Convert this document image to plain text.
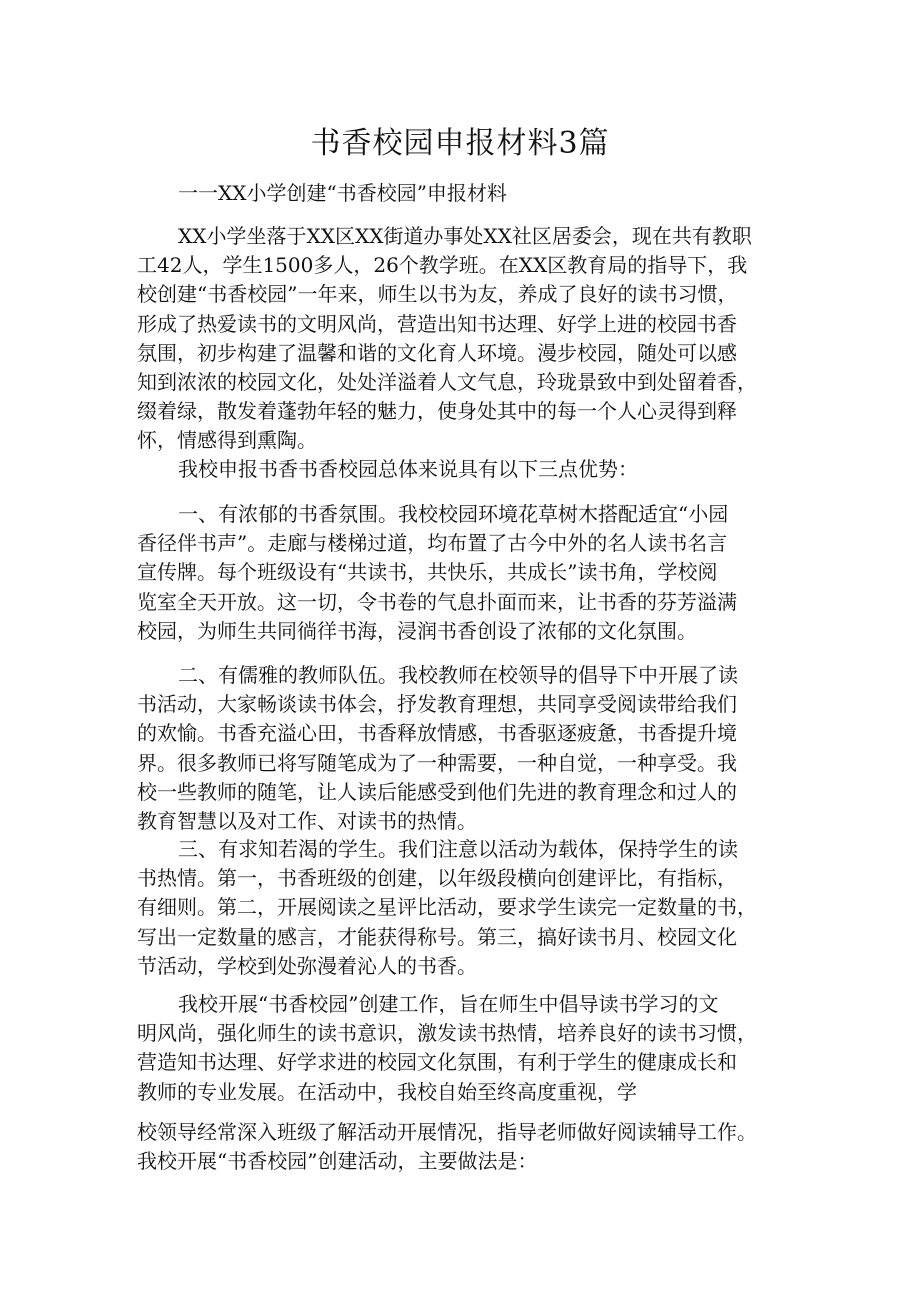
书香校园申报材料3篇

一一XX小学创建“书香校园”申报材料

XX小学坐落于XX区XX街道办事处XX社区居委会，现在共有教职
工42人，学生1500多人，26个教学班。在XX区教育局的指导下，我
校创建“书香校园”一年来，师生以书为友，养成了良好的读书习惯，
形成了热爱读书的文明风尚，营造出知书达理、好学上进的校园书香
氛围，初步构建了温馨和谐的文化育人环境。漫步校园，随处可以感
知到浓浓的校园文化，处处洋溢着人文气息，玲珑景致中到处留着香，
缀着绿，散发着蓬勃年轻的魅力，使身处其中的每一个人心灵得到释
怀，情感得到熏陶。

我校申报书香书香校园总体来说具有以下三点优势：

一、有浓郁的书香氛围。我校校园环境花草树木搭配适宜“小园
香径伴书声”。走廊与楼梯过道，均布置了古今中外的名人读书名言
宣传牌。每个班级设有“共读书，共快乐，共成长”读书角，学校阅
览室全天开放。这一切，令书卷的气息扑面而来，让书香的芬芳溢满
校园，为师生共同徜徉书海，浸润书香创设了浓郁的文化氛围。

二、有儒雅的教师队伍。我校教师在校领导的倡导下中开展了读
书活动，大家畅谈读书体会，抒发教育理想，共同享受阅读带给我们
的欢愉。书香充溢心田，书香释放情感，书香驱逐疲惫，书香提升境
界。很多教师已将写随笔成为了一种需要，一种自觉，一种享受。我
校一些教师的随笔，让人读后能感受到他们先进的教育理念和过人的
教育智慧以及对工作、对读书的热情。

三、有求知若渴的学生。我们注意以活动为载体，保持学生的读
书热情。第一，书香班级的创建，以年级段横向创建评比，有指标，
有细则。第二，开展阅读之星评比活动，要求学生读完一定数量的书，
写出一定数量的感言，才能获得称号。第三，搞好读书月、校园文化
节活动，学校到处弥漫着沁人的书香。

我校开展“书香校园”创建工作，旨在师生中倡导读书学习的文
明风尚，强化师生的读书意识，激发读书热情，培养良好的读书习惯，
营造知书达理、好学求进的校园文化氛围，有利于学生的健康成长和
教师的专业发展。在活动中，我校自始至终高度重视，学

校领导经常深入班级了解活动开展情况，指导老师做好阅读辅导工作。
我校开展“书香校园”创建活动，主要做法是：
